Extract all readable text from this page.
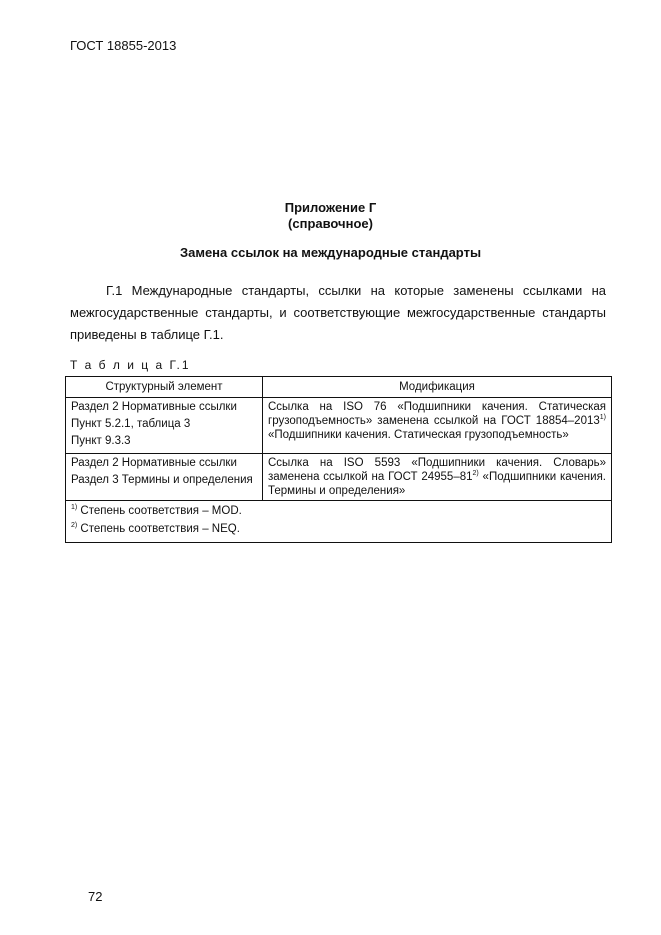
ГОСТ 18855-2013
Приложение Г
(справочное)
Замена ссылок на международные стандарты

Г.1 Международные стандарты, ссылки на которые заменены ссылками на межгосударственные стандарты, и соответствующие межгосударственные стандарты приведены в таблице Г.1.

Т а б л и ц а Г.1
Структурный элемент	Модификация

Раздел 2 Нормативные ссылки
Пункт 5.2.1, таблица 3
Пункт 9.3.3	Ссылка на ISO 76 «Подшипники качения. Статическая грузоподъемность» заменена ссылкой на ГОСТ 18854–2013$^{1)}$ «Подшипники качения. Статическая грузоподъемность»

Раздел 2 Нормативные ссылки
Раздел 3 Термины и определения	Ссылка на ISO 5593 «Подшипники качения. Словарь» заменена ссылкой на ГОСТ 24955–81$^{2)}$ «Подшипники качения. Термины и определения»

$^{1)}$ Степень соответствия – MOD.
$^{2)}$ Степень соответствия – NEQ.	
72
